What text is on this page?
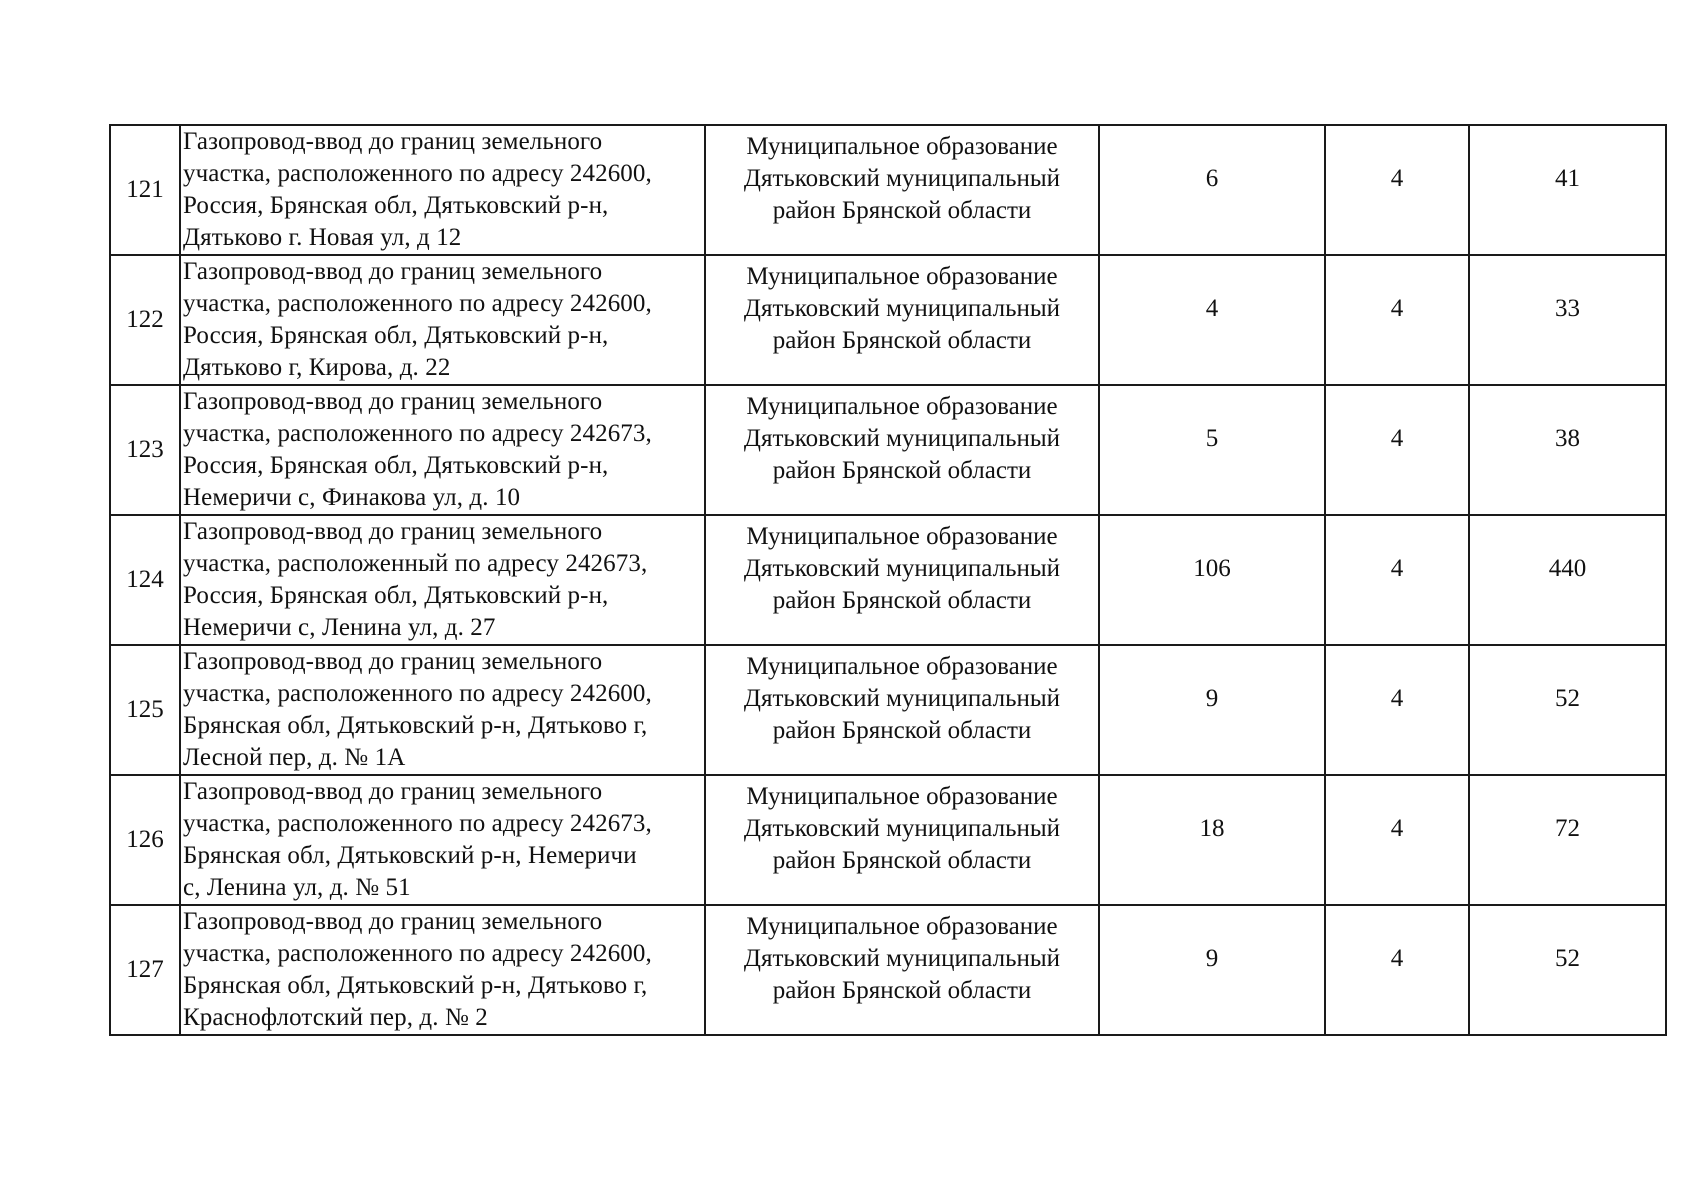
121	Газопровод-ввод до границ земельного
участка, расположенного по адресу 242600,
Россия, Брянская обл, Дятьковский р-н,
Дятьково г. Новая ул, д 12	Муниципальное образование
Дятьковский муниципальный
район Брянской области	6	4	41

122	Газопровод-ввод до границ земельного
участка, расположенного по адресу 242600,
Россия, Брянская обл, Дятьковский р-н,
Дятьково г, Кирова, д. 22	Муниципальное образование
Дятьковский муниципальный
район Брянской области	4	4	33

123	Газопровод-ввод до границ земельного
участка, расположенного по адресу 242673,
Россия, Брянская обл, Дятьковский р-н,
Немеричи с, Финакова ул, д. 10	Муниципальное образование
Дятьковский муниципальный
район Брянской области	5	4	38

124	Газопровод-ввод до границ земельного
участка, расположенный по адресу 242673,
Россия, Брянская обл, Дятьковский р-н,
Немеричи с, Ленина ул, д. 27	Муниципальное образование
Дятьковский муниципальный
район Брянской области	106	4	440

125	Газопровод-ввод до границ земельного
участка, расположенного по адресу 242600,
Брянская обл, Дятьковский р-н, Дятьково г,
Лесной пер, д. № 1А	Муниципальное образование
Дятьковский муниципальный
район Брянской области	9	4	52

126	Газопровод-ввод до границ земельного
участка, расположенного по адресу 242673,
Брянская обл, Дятьковский р-н, Немеричи
с, Ленина ул, д. № 51	Муниципальное образование
Дятьковский муниципальный
район Брянской области	18	4	72

127	Газопровод-ввод до границ земельного
участка, расположенного по адресу 242600,
Брянская обл, Дятьковский р-н, Дятьково г,
Краснофлотский пер, д. № 2	Муниципальное образование
Дятьковский муниципальный
район Брянской области	9	4	52
